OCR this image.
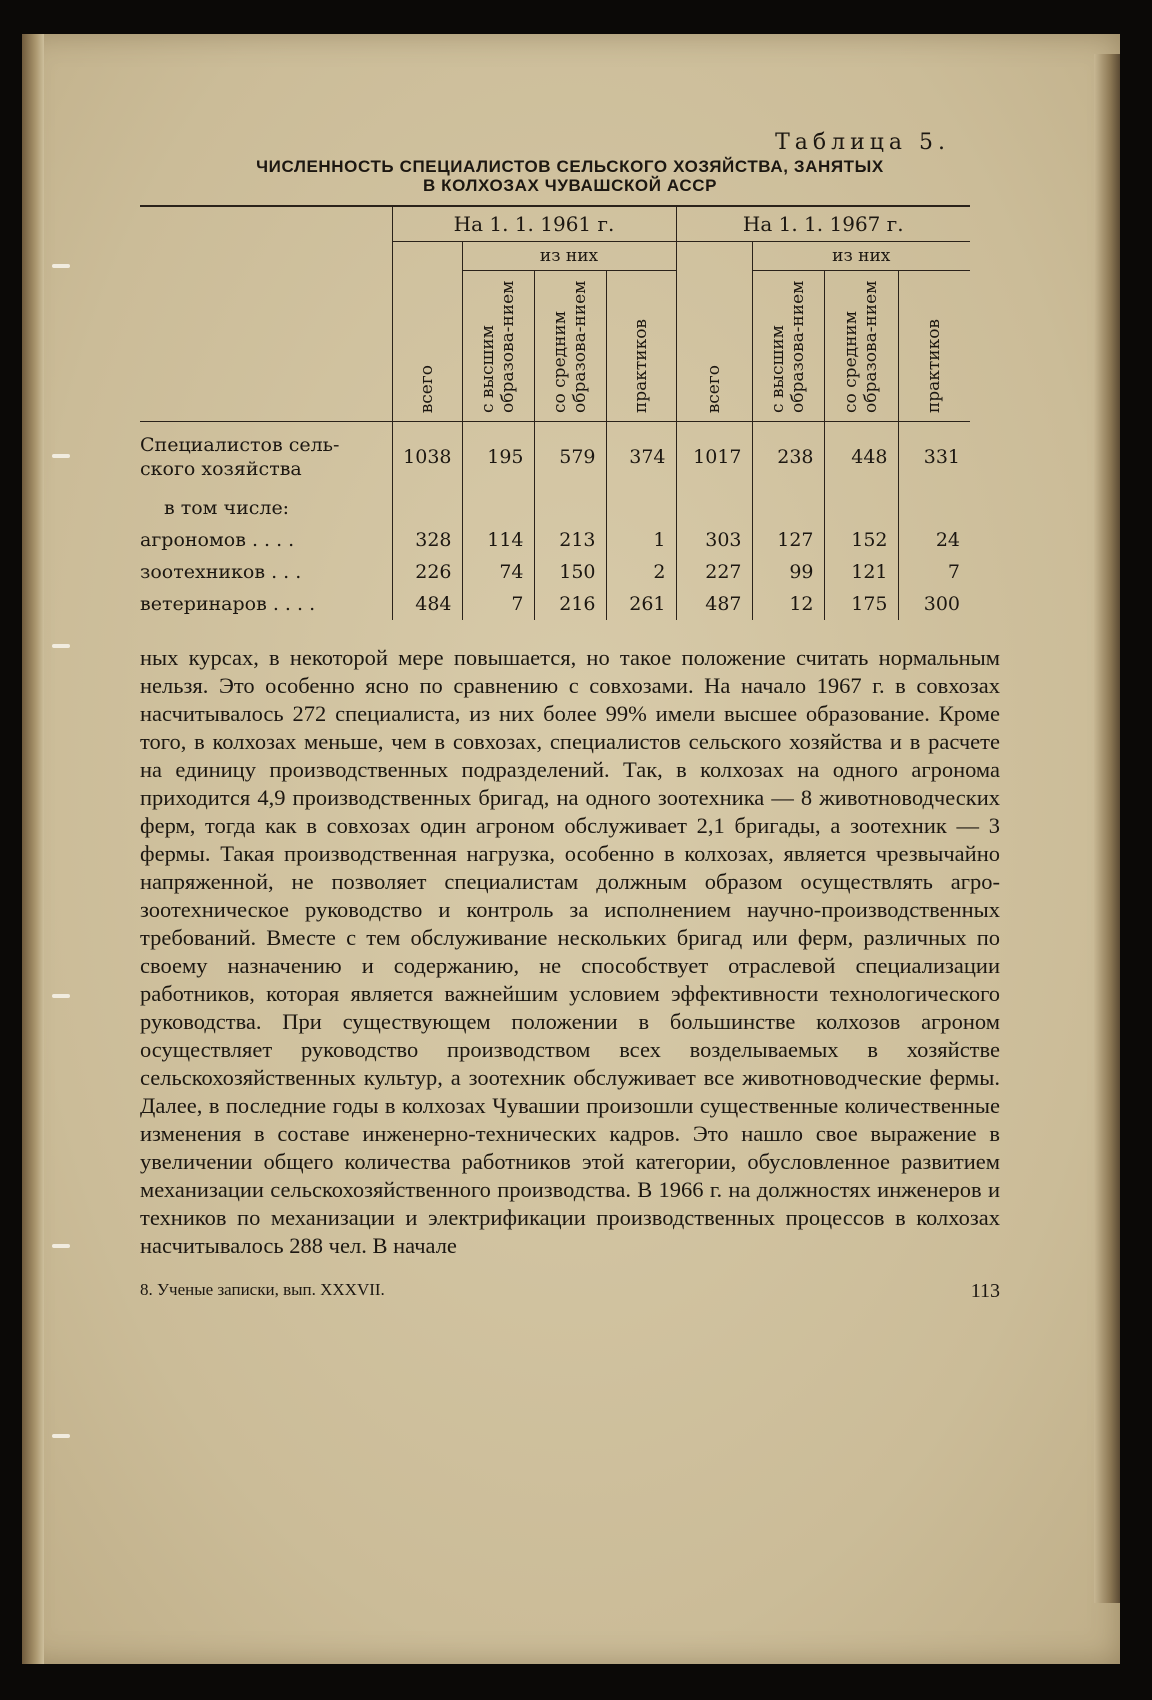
Таблица 5.
ЧИСЛЕННОСТЬ СПЕЦИАЛИСТОВ СЕЛЬСКОГО ХОЗЯЙСТВА, ЗАНЯТЫХ
В КОЛХОЗАХ ЧУВАШСКОЙ АССР
	На 1. 1. 1961 г.				На 1. 1. 1967 г.			

	всего	из них			всего	из них		

		с высшим образова-нием	со средним образова-нием	практиков		с высшим образова-нием	со средним образова-нием	практиков

Специалистов сель-ского хозяйства	1038	195	579	374	1017	238	448	331
в том числе:								
агрономов . . . .	328	114	213	1	303	127	152	24
зоотехников . . .	226	74	150	2	227	99	121	7
ветеринаров . . . .	484	7	216	261	487	12	175	300

ных курсах, в некоторой мере повышается, но такое положение считать нормальным нельзя. Это особенно ясно по сравнению с совхозами. На начало 1967 г. в совхозах насчитывалось 272 специалиста, из них более 99% имели высшее образование. Кроме того, в колхозах меньше, чем в совхозах, специалистов сельского хозяйства и в расчете на единицу производственных подразделений. Так, в колхозах на одного агронома приходится 4,9 производственных бригад, на одного зоотехника — 8 животноводческих ферм, тогда как в совхозах один агроном обслуживает 2,1 бригады, а зоотехник — 3 фермы. Такая производственная нагрузка, особенно в колхозах, является чрезвычайно напряженной, не позволяет специалистам должным образом осуществлять агро-зоотехническое руководство и контроль за исполнением научно-производственных требований. Вместе с тем обслуживание нескольких бригад или ферм, различных по своему назначению и содержанию, не способствует отраслевой специализации работников, которая является важнейшим условием эффективности технологического руководства. При существующем положении в большинстве колхозов агроном осуществляет руководство производством всех возделываемых в хозяйстве сельскохозяйственных культур, а зоотехник обслуживает все животноводческие фермы. Далее, в последние годы в колхозах Чувашии произошли существенные количественные изменения в составе инженерно-технических кадров. Это нашло свое выражение в увеличении общего количества работников этой категории, обусловленное развитием механизации сельскохозяйственного производства. В 1966 г. на должностях инженеров и техников по механизации и электрификации производственных процессов в колхозах насчитывалось 288 чел. В начале

8. Ученые записки, вып. XXXVII.	113
